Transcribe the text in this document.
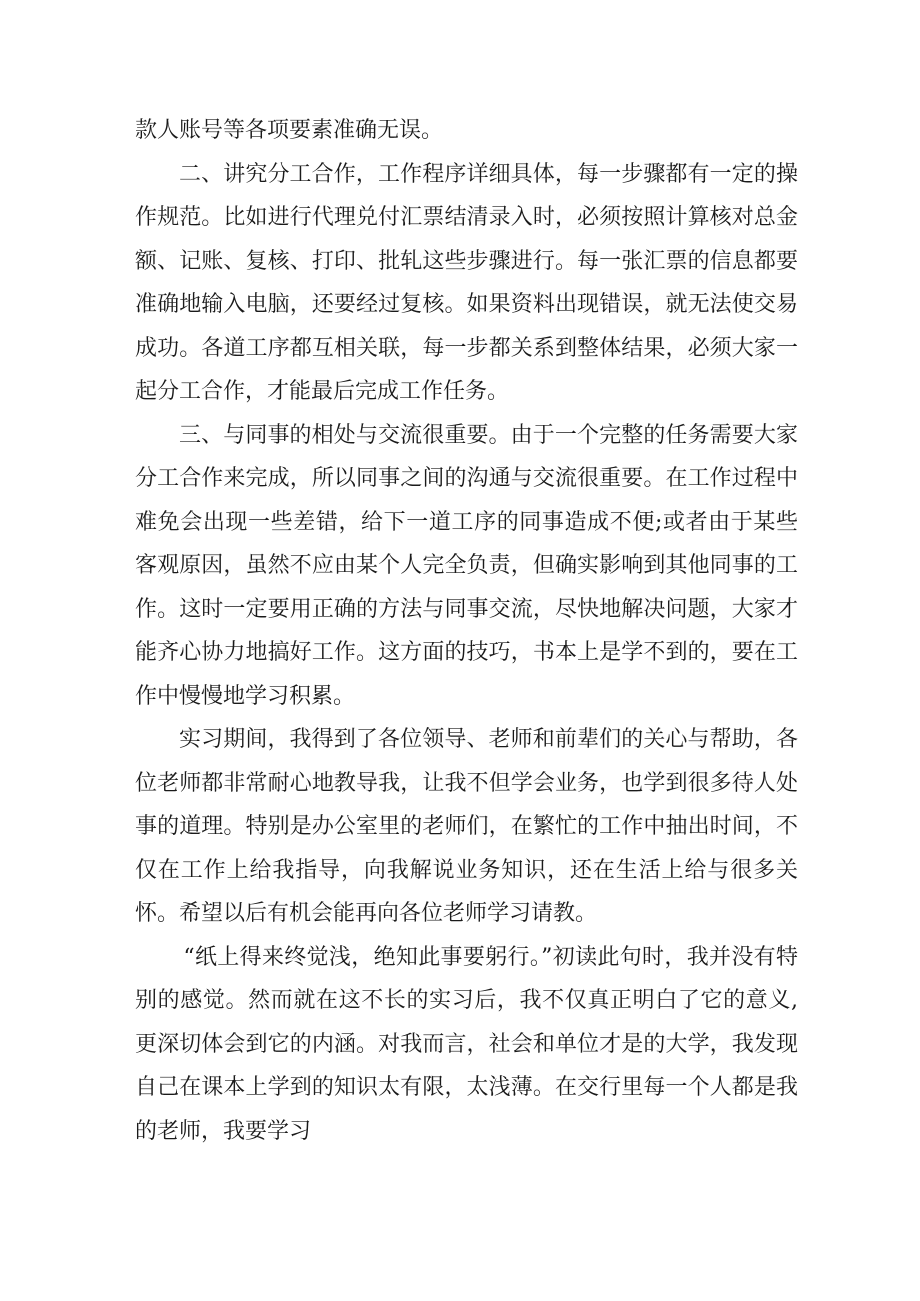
款人账号等各项要素准确无误。

二、讲究分工合作，工作程序详细具体，每一步骤都有一定的操作规范。比如进行代理兑付汇票结清录入时，必须按照计算核对总金额、记账、复核、打印、批轧这些步骤进行。每一张汇票的信息都要准确地输入电脑，还要经过复核。如果资料出现错误，就无法使交易成功。各道工序都互相关联，每一步都关系到整体结果，必须大家一起分工合作，才能最后完成工作任务。

三、与同事的相处与交流很重要。由于一个完整的任务需要大家分工合作来完成，所以同事之间的沟通与交流很重要。在工作过程中难免会出现一些差错，给下一道工序的同事造成不便;或者由于某些客观原因，虽然不应由某个人完全负责，但确实影响到其他同事的工作。这时一定要用正确的方法与同事交流，尽快地解决问题，大家才能齐心协力地搞好工作。这方面的技巧，书本上是学不到的，要在工作中慢慢地学习积累。

实习期间，我得到了各位领导、老师和前辈们的关心与帮助，各位老师都非常耐心地教导我，让我不但学会业务，也学到很多待人处事的道理。特别是办公室里的老师们，在繁忙的工作中抽出时间，不仅在工作上给我指导，向我解说业务知识，还在生活上给与很多关怀。希望以后有机会能再向各位老师学习请教。

“纸上得来终觉浅，绝知此事要躬行。”初读此句时，我并没有特别的感觉。然而就在这不长的实习后，我不仅真正明白了它的意义,更深切体会到它的内涵。对我而言，社会和单位才是的大学，我发现自己在课本上学到的知识太有限，太浅薄。在交行里每一个人都是我的老师，我要学习
